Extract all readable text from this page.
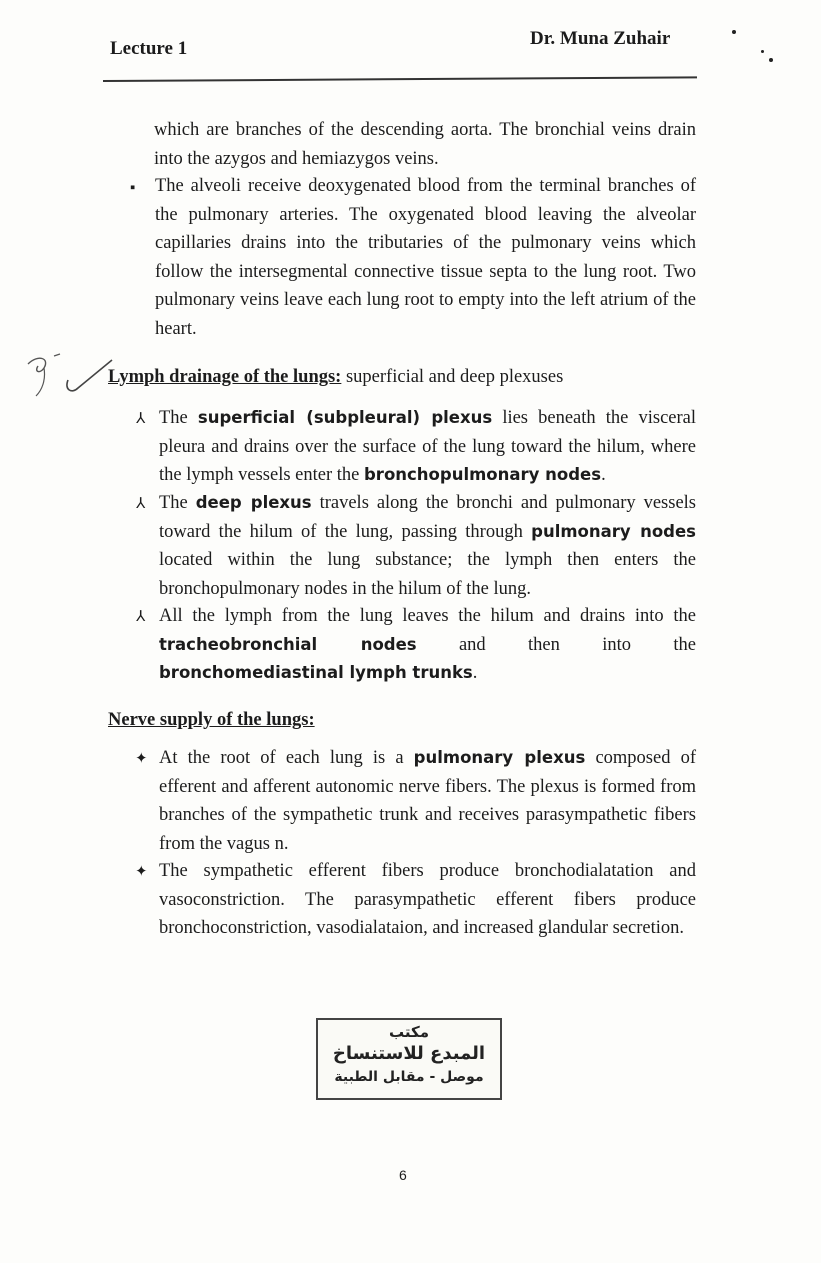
Lecture 1	Dr. Muna Zuhair
which are branches of the descending aorta. The bronchial veins drain into the azygos and hemiazygos veins.
▪ The alveoli receive deoxygenated blood from the terminal branches of the pulmonary arteries. The oxygenated blood leaving the alveolar capillaries drains into the tributaries of the pulmonary veins which follow the intersegmental connective tissue septa to the lung root. Two pulmonary veins leave each lung root to empty into the left atrium of the heart.
Lymph drainage of the lungs: superficial and deep plexuses
⅄ The superficial (subpleural) plexus lies beneath the visceral pleura and drains over the surface of the lung toward the hilum, where the lymph vessels enter the bronchopulmonary nodes.
⅄ The deep plexus travels along the bronchi and pulmonary vessels toward the hilum of the lung, passing through pulmonary nodes located within the lung substance; the lymph then enters the bronchopulmonary nodes in the hilum of the lung.
⅄ All the lymph from the lung leaves the hilum and drains into the tracheobronchial nodes and then into the bronchomediastinal lymph trunks.
Nerve supply of the lungs:
✦ At the root of each lung is a pulmonary plexus composed of efferent and afferent autonomic nerve fibers. The plexus is formed from branches of the sympathetic trunk and receives parasympathetic fibers from the vagus n.
✦ The sympathetic efferent fibers produce bronchodialatation and vasoconstriction. The parasympathetic efferent fibers produce bronchoconstriction, vasodialataion, and increased glandular secretion.
مكتب
المبدع للاستنساخ
موصل - مقابل الطبية
6
